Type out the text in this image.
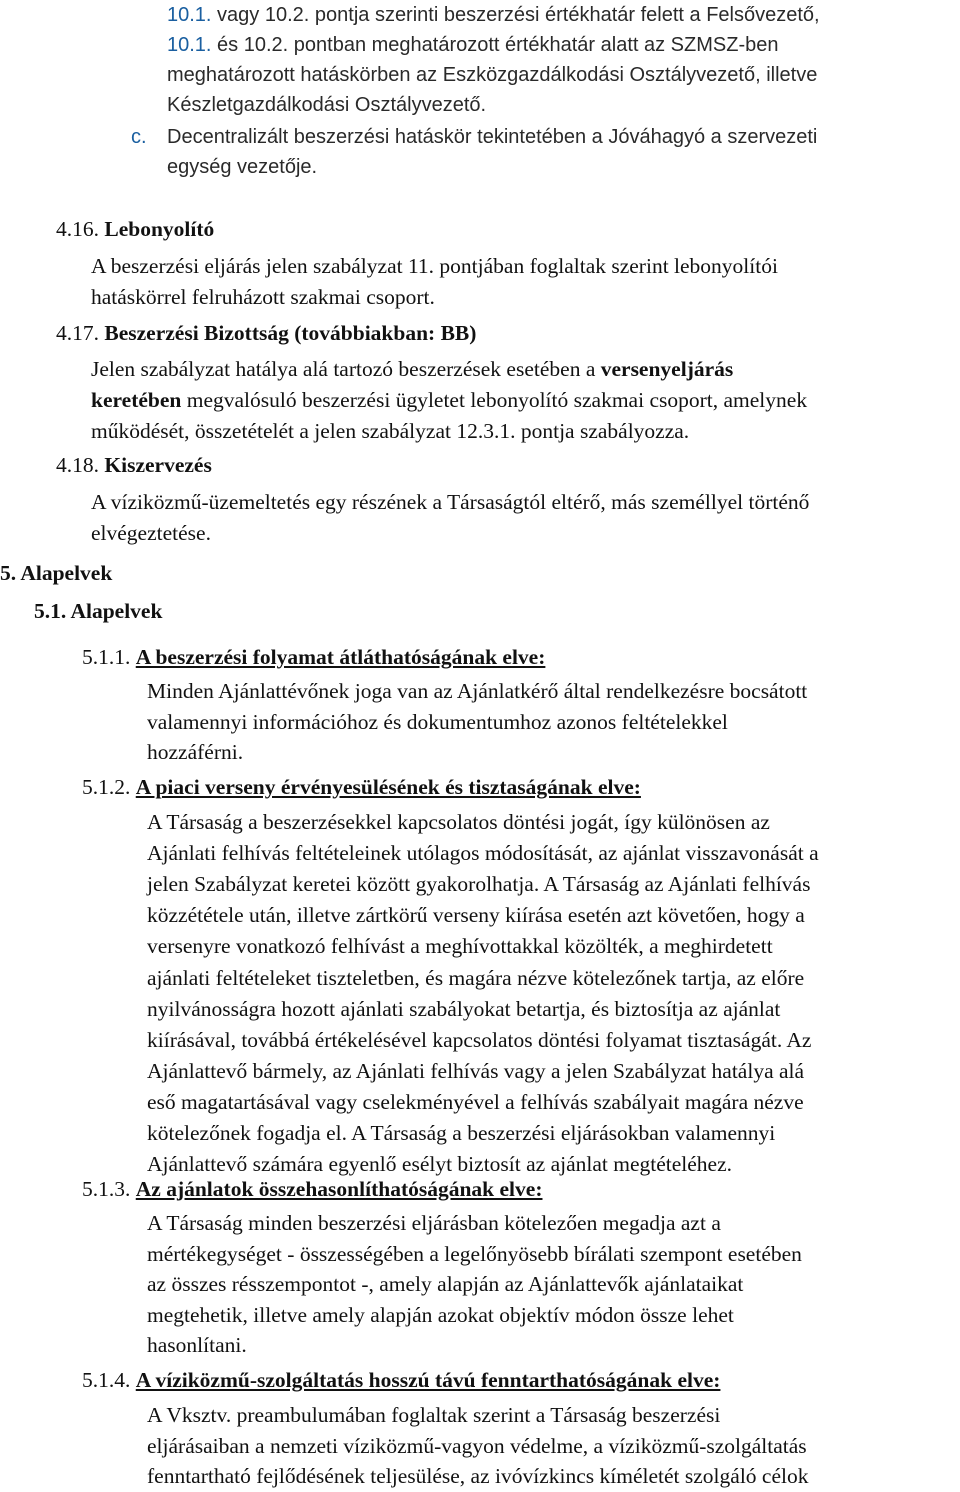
10.1. vagy 10.2. pontja szerinti beszerzési értékhatár felett a Felsővezető,
10.1. és 10.2. pontban meghatározott értékhatár alatt az SZMSZ-ben
meghatározott hatáskörben az Eszközgazdálkodási Osztályvezető, illetve
Készletgazdálkodási Osztályvezető.
c. Decentralizált beszerzési hatáskör tekintetében a Jóváhagyó a szervezeti
egység vezetője.
4.16. Lebonyolító
A beszerzési eljárás jelen szabályzat 11. pontjában foglaltak szerint lebonyolítói
hatáskörrel felruházott szakmai csoport.
4.17. Beszerzési Bizottság (továbbiakban: BB)
Jelen szabályzat hatálya alá tartozó beszerzések esetében a versenyeljárás
keretében megvalósuló beszerzési ügyletet lebonyolító szakmai csoport, amelynek
működését, összetételét a jelen szabályzat 12.3.1. pontja szabályozza.
4.18. Kiszervezés
A víziközmű-üzemeltetés egy részének a Társaságtól eltérő, más személlyel történő
elvégeztetése.
5. Alapelvek
5.1. Alapelvek
5.1.1. A beszerzési folyamat átláthatóságának elve:
Minden Ajánlattévőnek joga van az Ajánlatkérő által rendelkezésre bocsátott
valamennyi információhoz és dokumentumhoz azonos feltételekkel
hozzáférni.
5.1.2. A piaci verseny érvényesülésének és tisztaságának elve:
A Társaság a beszerzésekkel kapcsolatos döntési jogát, így különösen az
Ajánlati felhívás feltételeinek utólagos módosítását, az ajánlat visszavonását a
jelen Szabályzat keretei között gyakorolhatja. A Társaság az Ajánlati felhívás
közzététele után, illetve zártkörű verseny kiírása esetén azt követően, hogy a
versenyre vonatkozó felhívást a meghívottakkal közölték, a meghirdetett
ajánlati feltételeket tiszteletben, és magára nézve kötelezőnek tartja, az előre
nyilvánosságra hozott ajánlati szabályokat betartja, és biztosítja az ajánlat
kiírásával, továbbá értékelésével kapcsolatos döntési folyamat tisztaságát. Az
Ajánlattevő bármely, az Ajánlati felhívás vagy a jelen Szabályzat hatálya alá
eső magatartásával vagy cselekményével a felhívás szabályait magára nézve
kötelezőnek fogadja el. A Társaság a beszerzési eljárásokban valamennyi
Ajánlattevő számára egyenlő esélyt biztosít az ajánlat megtételéhez.
5.1.3. Az ajánlatok összehasonlíthatóságának elve:
A Társaság minden beszerzési eljárásban kötelezően megadja azt a
mértékegységet - összességében a legelőnyösebb bírálati szempont esetében
az összes résszempontot -, amely alapján az Ajánlattevők ajánlataikat
megtehetik, illetve amely alapján azokat objektív módon össze lehet
hasonlítani.
5.1.4. A víziközmű-szolgáltatás hosszú távú fenntarthatóságának elve:
A Vksztv. preambulumában foglaltak szerint a Társaság beszerzési
eljárásaiban a nemzeti víziközmű-vagyon védelme, a víziközmű-szolgáltatás
fenntartható fejlődésének teljesülése, az ivóvízkincs kíméletét szolgáló célok
